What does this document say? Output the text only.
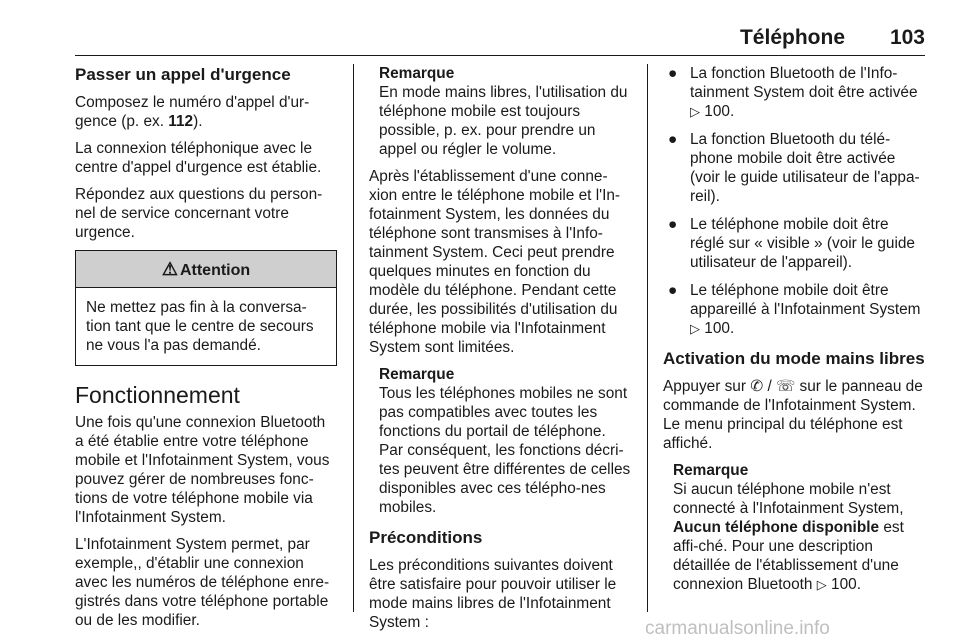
Téléphone 103
Passer un appel d'urgence

Composez le numéro d'appel d'ur-gence (p. ex. 112).

La connexion téléphonique avec le centre d'appel d'urgence est établie.

Répondez aux questions du person-nel de service concernant votre urgence.

⚠ Attention
Ne mettez pas fin à la conversa-tion tant que le centre de secours ne vous l'a pas demandé.
Fonctionnement

Une fois qu'une connexion Bluetooth a été établie entre votre téléphone mobile et l'Infotainment System, vous pouvez gérer de nombreuses fonc-tions de votre téléphone mobile via l'Infotainment System.

L'Infotainment System permet, par exemple,, d'établir une connexion avec les numéros de téléphone enre-gistrés dans votre téléphone portable ou de les modifier.

Remarque
En mode mains libres, l'utilisation du téléphone mobile est toujours possible, p. ex. pour prendre un appel ou régler le volume.

Après l'établissement d'une conne-xion entre le téléphone mobile et l'In-fotainment System, les données du téléphone sont transmises à l'Info-tainment System. Ceci peut prendre quelques minutes en fonction du modèle du téléphone. Pendant cette durée, les possibilités d'utilisation du téléphone mobile via l'Infotainment System sont limitées.

Remarque
Tous les téléphones mobiles ne sont pas compatibles avec toutes les fonctions du portail de téléphone. Par conséquent, les fonctions décri-tes peuvent être différentes de celles disponibles avec ces télépho-nes mobiles.
Préconditions

Les préconditions suivantes doivent être satisfaire pour pouvoir utiliser le mode mains libres de l'Infotainment System :

● La fonction Bluetooth de l'Info-tainment System doit être activée ▷ 100.
● La fonction Bluetooth du télé-phone mobile doit être activée (voir le guide utilisateur de l'appa-reil).
● Le téléphone mobile doit être réglé sur « visible » (voir le guide utilisateur de l'appareil).
● Le téléphone mobile doit être appareillé à l'Infotainment System ▷ 100.
Activation du mode mains libres

Appuyer sur ✆ / ☏ sur le panneau de commande de l'Infotainment System. Le menu principal du téléphone est affiché.

Remarque
Si aucun téléphone mobile n'est connecté à l'Infotainment System, Aucun téléphone disponible est affi-ché. Pour une description détaillée de l'établissement d'une connexion Bluetooth ▷ 100.
carmanualsonline.info
